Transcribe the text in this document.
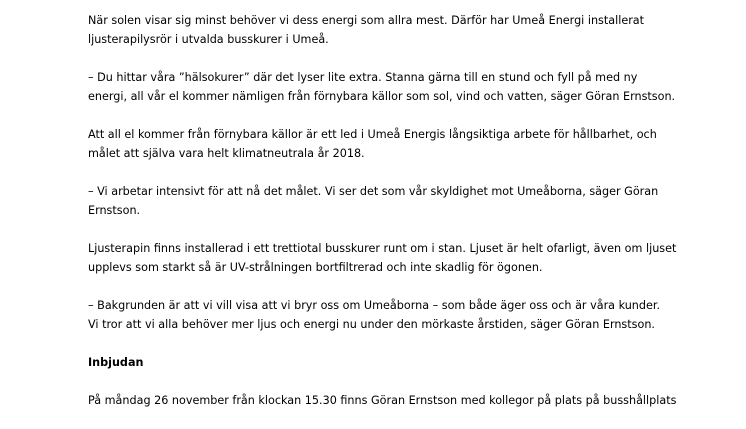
När solen visar sig minst behöver vi dess energi som allra mest. Därför har Umeå Energi installerat
ljusterapilysrör i utvalda busskurer i Umeå.
– Du hittar våra ”hälsokurer” där det lyser lite extra. Stanna gärna till en stund och fyll på med ny
energi, all vår el kommer nämligen från förnybara källor som sol, vind och vatten, säger Göran Ernstson.
Att all el kommer från förnybara källor är ett led i Umeå Energis långsiktiga arbete för hållbarhet, och
målet att själva vara helt klimatneutrala år 2018.
– Vi arbetar intensivt för att nå det målet. Vi ser det som vår skyldighet mot Umeåborna, säger Göran
Ernstson.
Ljusterapin finns installerad i ett trettiotal busskurer runt om i stan. Ljuset är helt ofarligt, även om ljuset
upplevs som starkt så är UV-strålningen bortfiltrerad och inte skadlig för ögonen.
– Bakgrunden är att vi vill visa att vi bryr oss om Umeåborna – som både äger oss och är våra kunder.
Vi tror att vi alla behöver mer ljus och energi nu under den mörkaste årstiden, säger Göran Ernstson.
Inbjudan
På måndag 26 november från klockan 15.30 finns Göran Ernstson med kollegor på plats på busshållplats
